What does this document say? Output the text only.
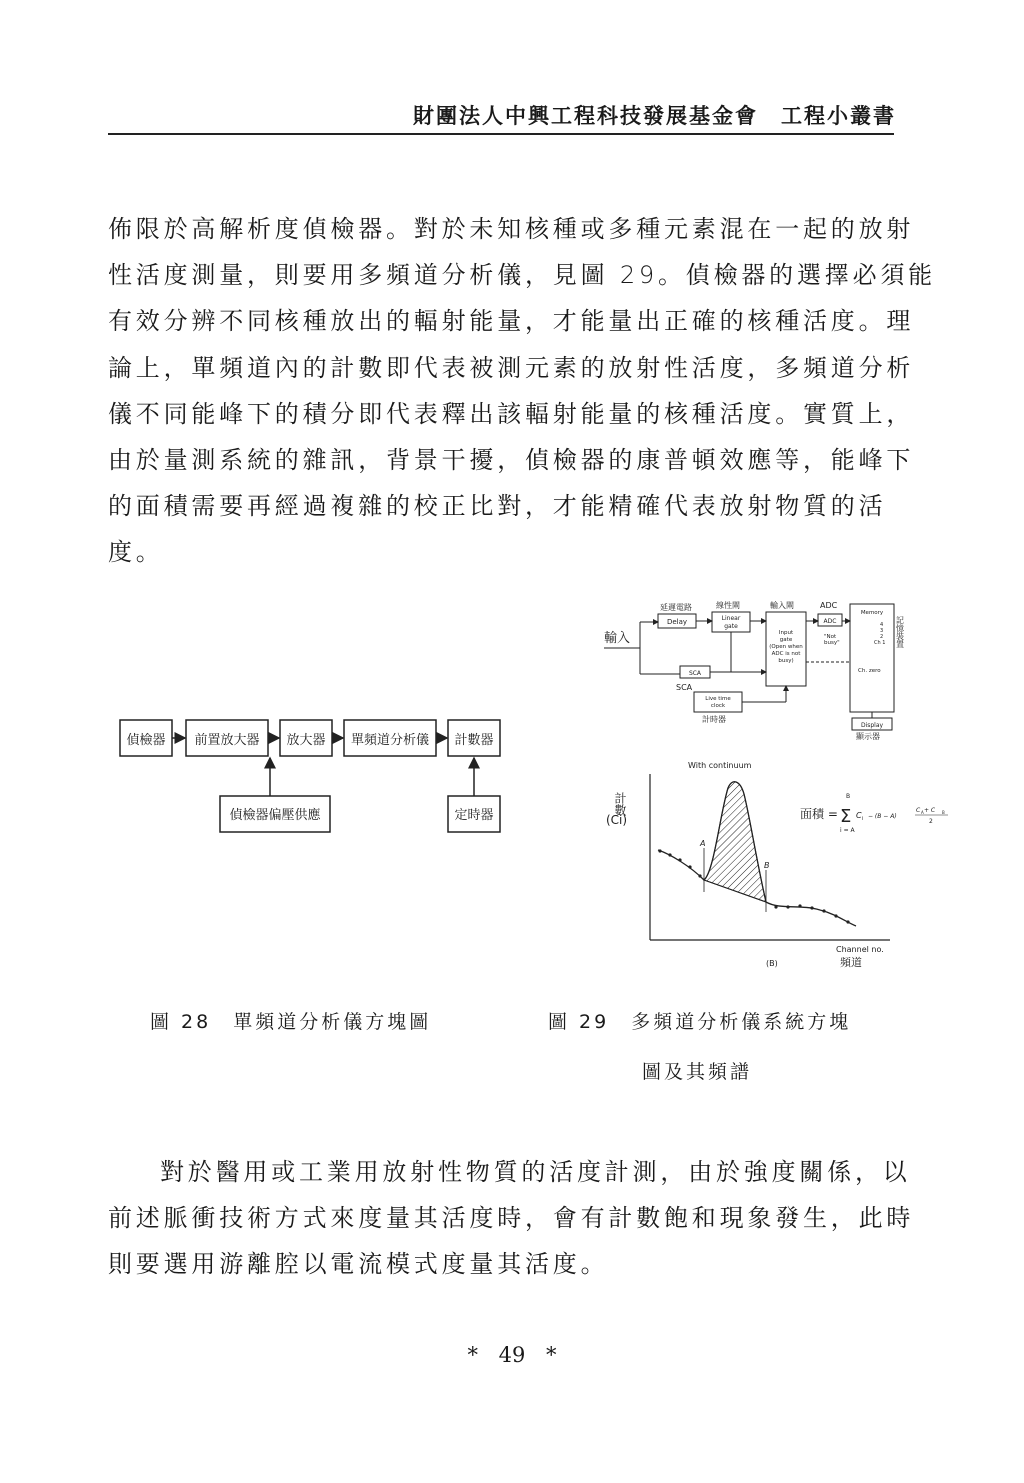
財團法人中興工程科技發展基金會　工程小叢書
佈限於高解析度偵檢器。對於未知核種或多種元素混在一起的放射
性活度測量，則要用多頻道分析儀，見圖 29。偵檢器的選擇必須能
有效分辨不同核種放出的輻射能量，才能量出正確的核種活度。理
論上，單頻道內的計數即代表被測元素的放射性活度，多頻道分析
儀不同能峰下的積分即代表釋出該輻射能量的核種活度。實質上，
由於量測系統的雜訊，背景干擾，偵檢器的康普頓效應等，能峰下
的面積需要再經過複雜的校正比對，才能精確代表放射物質的活
度。
偵檢器 前置放大器 放大器 單頻道分析儀 計數器
偵檢器偏壓供應	定時器
輸入
延遲電路
Delay
線性閘
Linear
gate
輸入閘
Input
gate
(Open when
ADC is not
busy)
ADC
ADC
"Not
busy"
Memory
4
3
2
Ch 1
Ch. zero
記憶裝置
SCA
SCA
Live time
clock
計時器
Display
顯示器
With continuum
計數
(Ci)
A
B
Channel no.
頻道
(B)
面積 =
B
Σ
i = A
C i − (B − A)
C A + C B
2
圖 28　單頻道分析儀方塊圖	圖 29　多頻道分析儀系統方塊
圖及其頻譜
對於醫用或工業用放射性物質的活度計測，由於強度關係，以
前述脈衝技術方式來度量其活度時，會有計數飽和現象發生，此時
則要選用游離腔以電流模式度量其活度。
* 49 *
